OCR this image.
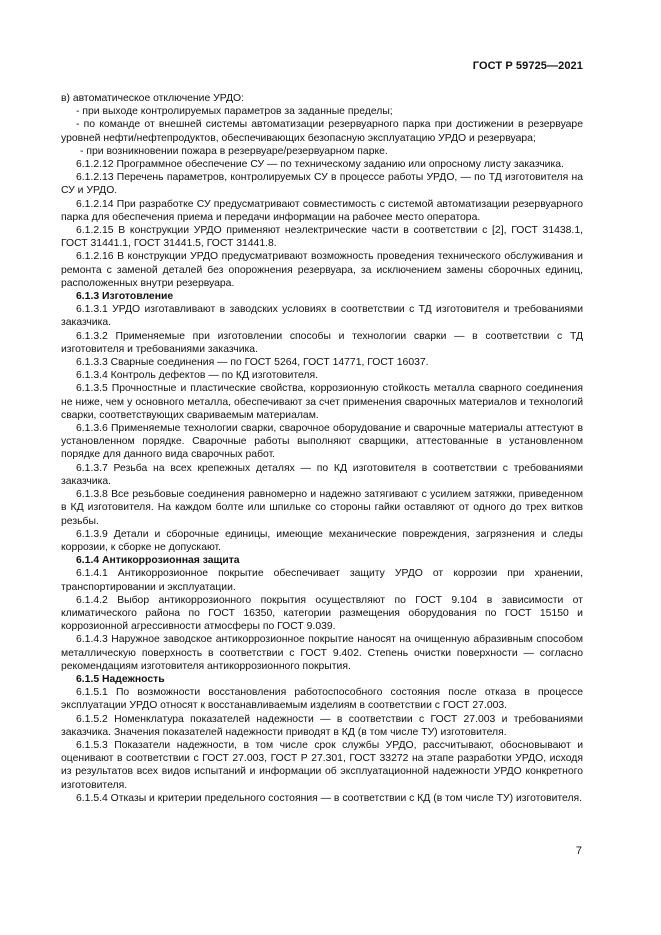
ГОСТ Р 59725—2021

в) автоматическое отключение УРДО:

- при выходе контролируемых параметров за заданные пределы;

- по команде от внешней системы автоматизации резервуарного парка при достижении в резервуаре уровней нефти/нефтепродуктов, обеспечивающих безопасную эксплуатацию УРДО и резервуара;

- при возникновении пожара в резервуаре/резервуарном парке.

6.1.2.12 Программное обеспечение СУ — по техническому заданию или опросному листу заказчика.

6.1.2.13 Перечень параметров, контролируемых СУ в процессе работы УРДО, — по ТД изготовителя на СУ и УРДО.

6.1.2.14 При разработке СУ предусматривают совместимость с системой автоматизации резервуарного парка для обеспечения приема и передачи информации на рабочее место оператора.

6.1.2.15 В конструкции УРДО применяют неэлектрические части в соответствии с [2], ГОСТ 31438.1, ГОСТ 31441.1, ГОСТ 31441.5, ГОСТ 31441.8.

6.1.2.16 В конструкции УРДО предусматривают возможность проведения технического обслуживания и ремонта с заменой деталей без опорожнения резервуара, за исключением замены сборочных единиц, расположенных внутри резервуара.

6.1.3 Изготовление

6.1.3.1 УРДО изготавливают в заводских условиях в соответствии с ТД изготовителя и требованиями заказчика.

6.1.3.2 Применяемые при изготовлении способы и технологии сварки — в соответствии с ТД изготовителя и требованиями заказчика.

6.1.3.3 Сварные соединения — по ГОСТ 5264, ГОСТ 14771, ГОСТ 16037.

6.1.3.4 Контроль дефектов — по КД изготовителя.

6.1.3.5 Прочностные и пластические свойства, коррозионную стойкость металла сварного соединения не ниже, чем у основного металла, обеспечивают за счет применения сварочных материалов и технологий сварки, соответствующих свариваемым материалам.

6.1.3.6 Применяемые технологии сварки, сварочное оборудование и сварочные материалы аттестуют в установленном порядке. Сварочные работы выполняют сварщики, аттестованные в установленном порядке для данного вида сварочных работ.

6.1.3.7 Резьба на всех крепежных деталях — по КД изготовителя в соответствии с требованиями заказчика.

6.1.3.8 Все резьбовые соединения равномерно и надежно затягивают с усилием затяжки, приведенном в КД изготовителя. На каждом болте или шпильке со стороны гайки оставляют от одного до трех витков резьбы.

6.1.3.9 Детали и сборочные единицы, имеющие механические повреждения, загрязнения и следы коррозии, к сборке не допускают.

6.1.4 Антикоррозионная защита

6.1.4.1 Антикоррозионное покрытие обеспечивает защиту УРДО от коррозии при хранении, транспортировании и эксплуатации.

6.1.4.2 Выбор антикоррозионного покрытия осуществляют по ГОСТ 9.104 в зависимости от климатического района по ГОСТ 16350, категории размещения оборудования по ГОСТ 15150 и коррозионной агрессивности атмосферы по ГОСТ 9.039.

6.1.4.3 Наружное заводское антикоррозионное покрытие наносят на очищенную абразивным способом металлическую поверхность в соответствии с ГОСТ 9.402. Степень очистки поверхности — согласно рекомендациям изготовителя антикоррозионного покрытия.

6.1.5 Надежность

6.1.5.1 По возможности восстановления работоспособного состояния после отказа в процессе эксплуатации УРДО относят к восстанавливаемым изделиям в соответствии с ГОСТ 27.003.

6.1.5.2 Номенклатура показателей надежности — в соответствии с ГОСТ 27.003 и требованиями заказчика. Значения показателей надежности приводят в КД (в том числе ТУ) изготовителя.

6.1.5.3 Показатели надежности, в том числе срок службы УРДО, рассчитывают, обосновывают и оценивают в соответствии с ГОСТ 27.003, ГОСТ Р 27.301, ГОСТ 33272 на этапе разработки УРДО, исходя из результатов всех видов испытаний и информации об эксплуатационной надежности УРДО конкретного изготовителя.

6.1.5.4 Отказы и критерии предельного состояния — в соответствии с КД (в том числе ТУ) изготовителя.

7
